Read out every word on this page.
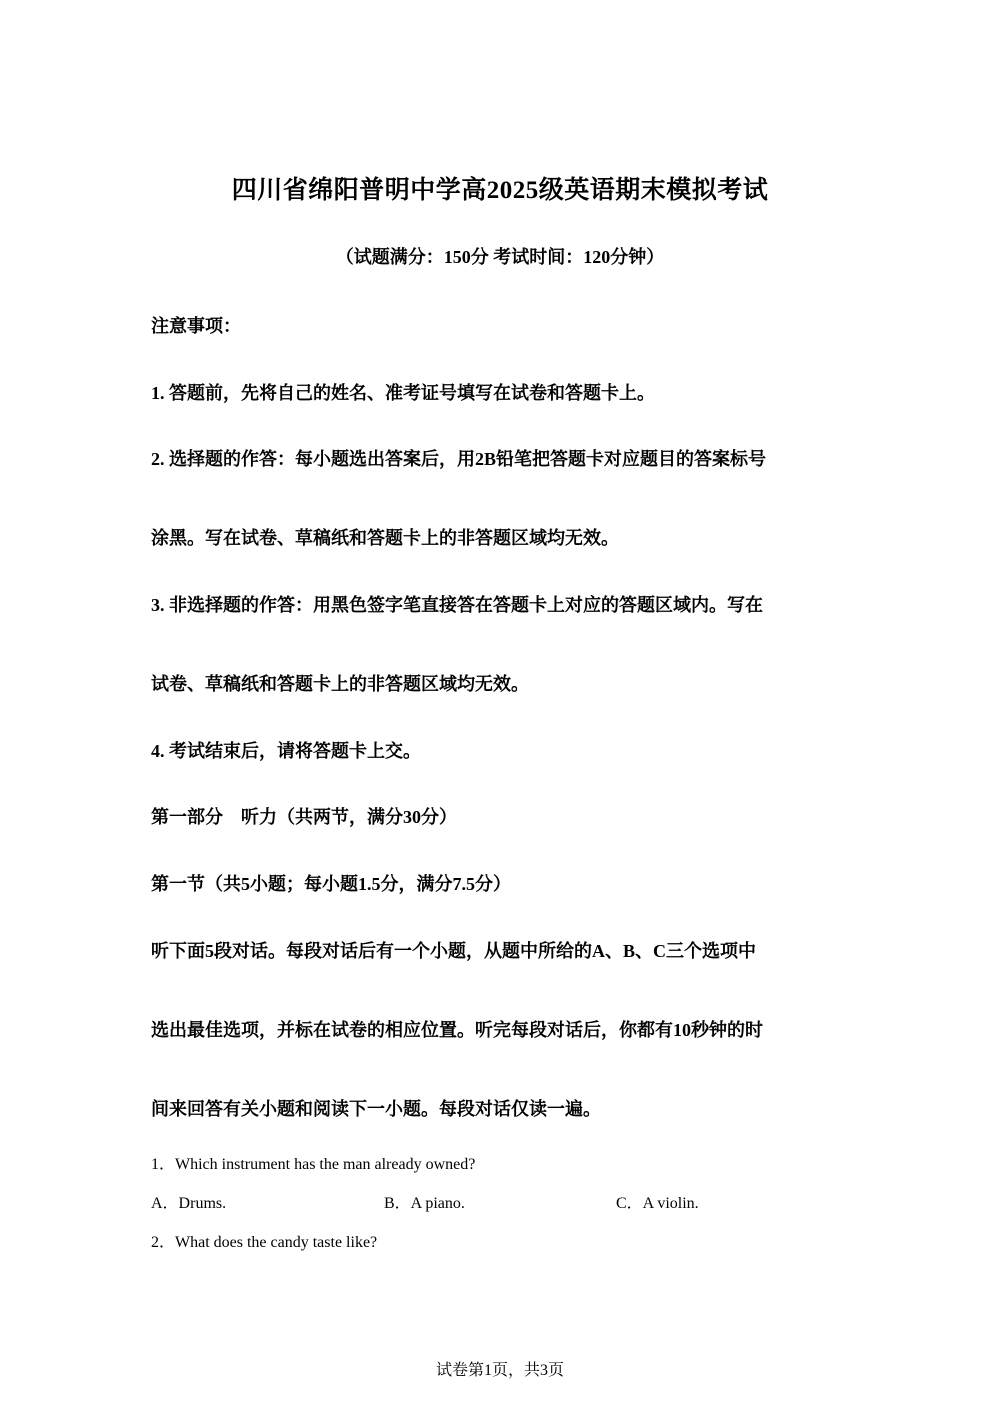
四川省绵阳普明中学高2025级英语期末模拟考试
（试题满分：150分 考试时间：120分钟）
注意事项：
1. 答题前，先将自己的姓名、准考证号填写在试卷和答题卡上。
2. 选择题的作答：每小题选出答案后，用2B铅笔把答题卡对应题目的答案标号
涂黑。写在试卷、草稿纸和答题卡上的非答题区域均无效。
3. 非选择题的作答：用黑色签字笔直接答在答题卡上对应的答题区域内。写在
试卷、草稿纸和答题卡上的非答题区域均无效。
4. 考试结束后，请将答题卡上交。
第一部分　听力（共两节，满分30分）
第一节（共5小题；每小题1.5分，满分7.5分）
听下面5段对话。每段对话后有一个小题，从题中所给的A、B、C三个选项中
选出最佳选项，并标在试卷的相应位置。听完每段对话后，你都有10秒钟的时
间来回答有关小题和阅读下一小题。每段对话仅读一遍。
1．Which instrument has the man already owned?
A．Drums.	B．A piano.	C．A violin.
2．What does the candy taste like?
试卷第1页，共3页
